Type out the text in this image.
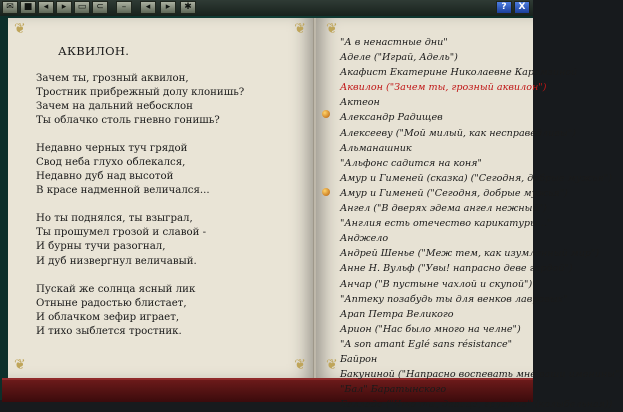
✉	■	◂	▸	▭	⊂	–	◂	▸	✱	?	X
❦	❦
❦	❦
❦
❦
АКВИЛОН.
Зачем ты, грозный аквилон,
Тростник прибрежный долу клонишь?
Зачем на дальний небосклон
Ты облачко столь гневно гонишь?
Недавно черных туч грядой
Свод неба глухо облекался,
Недавно дуб над высотой
В красе надменной величался...
Но ты поднялся, ты взыграл,
Ты прошумел грозой и славой -
И бурны тучи разогнал,
И дуб низвергнул величавый.
Пускай же солнца ясный лик
Отныне радостью блистает,
И облачком зефир играет,
И тихо зыблется тростник.
"А в ненастные дни"
Аделе ("Играй, Адель")
Акафист Екатерине Николаевне Карамзиной
Аквилон ("Зачем ты, грозный аквилон")
Актеон
Александр Радищев
Алексееву ("Мой милый, как несправедливы")
Альманашник
"Альфонс садится на коня"
Амур и Гименей (сказка) ("Сегодня, добрые мужья")
Амур и Гименей ("Сегодня, добрые мужья")
Ангел ("В дверях эдема ангел нежный")
"Англия есть отечество карикатуры..."
Анджело
Андрей Шенье ("Меж тем, как изумленный мир")
Анне Н. Вульф ("Увы! напрасно деве гордой")
Анчар ("В пустыне чахлой и скупой")
"Аптеку позабудь ты для венков лавровых"
Арап Петра Великого
Арион ("Нас было много на челне")
"A son amant Eglé sans résistance"
Байрон
Бакуниной ("Напрасно воспевать мне ваши именины")
"Бал" Баратынского
Баллада ("Что ты, девица, грустна" (колыбельная))
